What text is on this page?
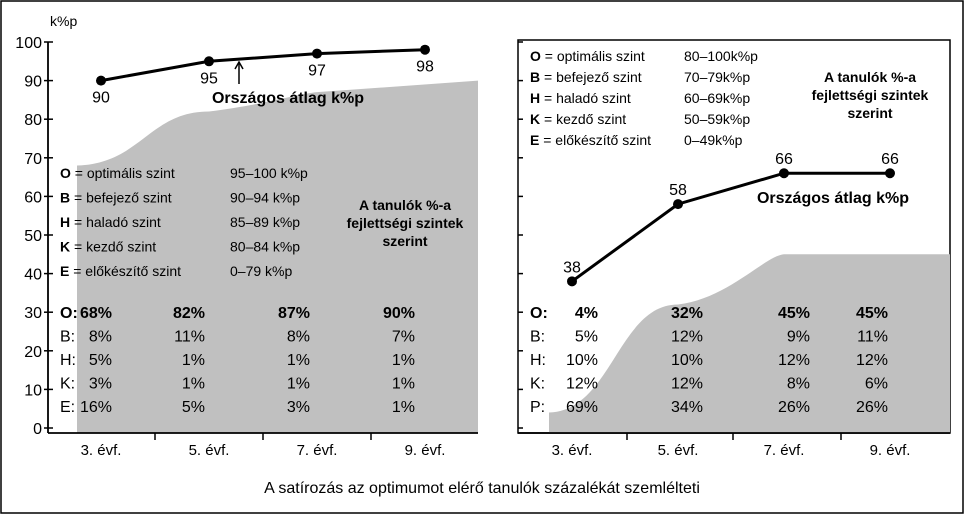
0
10
20
30
40
50
60
70
80
90
100
3. évf.	5. évf.	7. évf.	9. évf.
k%p
90
95	97	98
Országos átlag k%p
O = optimális szint	95–100 k%p
B = befejező szint	90–94 k%p
H = haladó szint	85–89 k%p
K = kezdő szint	80–84 k%p
E = előkészítő szint	0–79 k%p
A tanulók %-a
fejlettségi szintek
szerint
O: 68%	82%	87%	90%
B: 8%	11%	8%	7%
H: 5%	1%	1%	1%
K: 3%	1%	1%	1%
E: 16%	5%	3%	1%
3. évf.	5. évf.	7. évf.	9. évf.
38
58
66	66
Országos átlag k%p
O = optimális szint	80–100k%p
B = befejező szint	70–79k%p
H = haladó szint	60–69k%p
K = kezdő szint	50–59k%p
E = előkészítő szint 0–49k%p
A tanulók %-a
fejlettségi szintek
szerint
O: 4%	32%	45%	45%
B: 5%	12%	9%	11%
H: 10%	10%	12%	12%
K: 12%	12%	8%	6%
P: 69%	34%	26%	26%
A satírozás az optimumot elérő tanulók százalékát szemlélteti
